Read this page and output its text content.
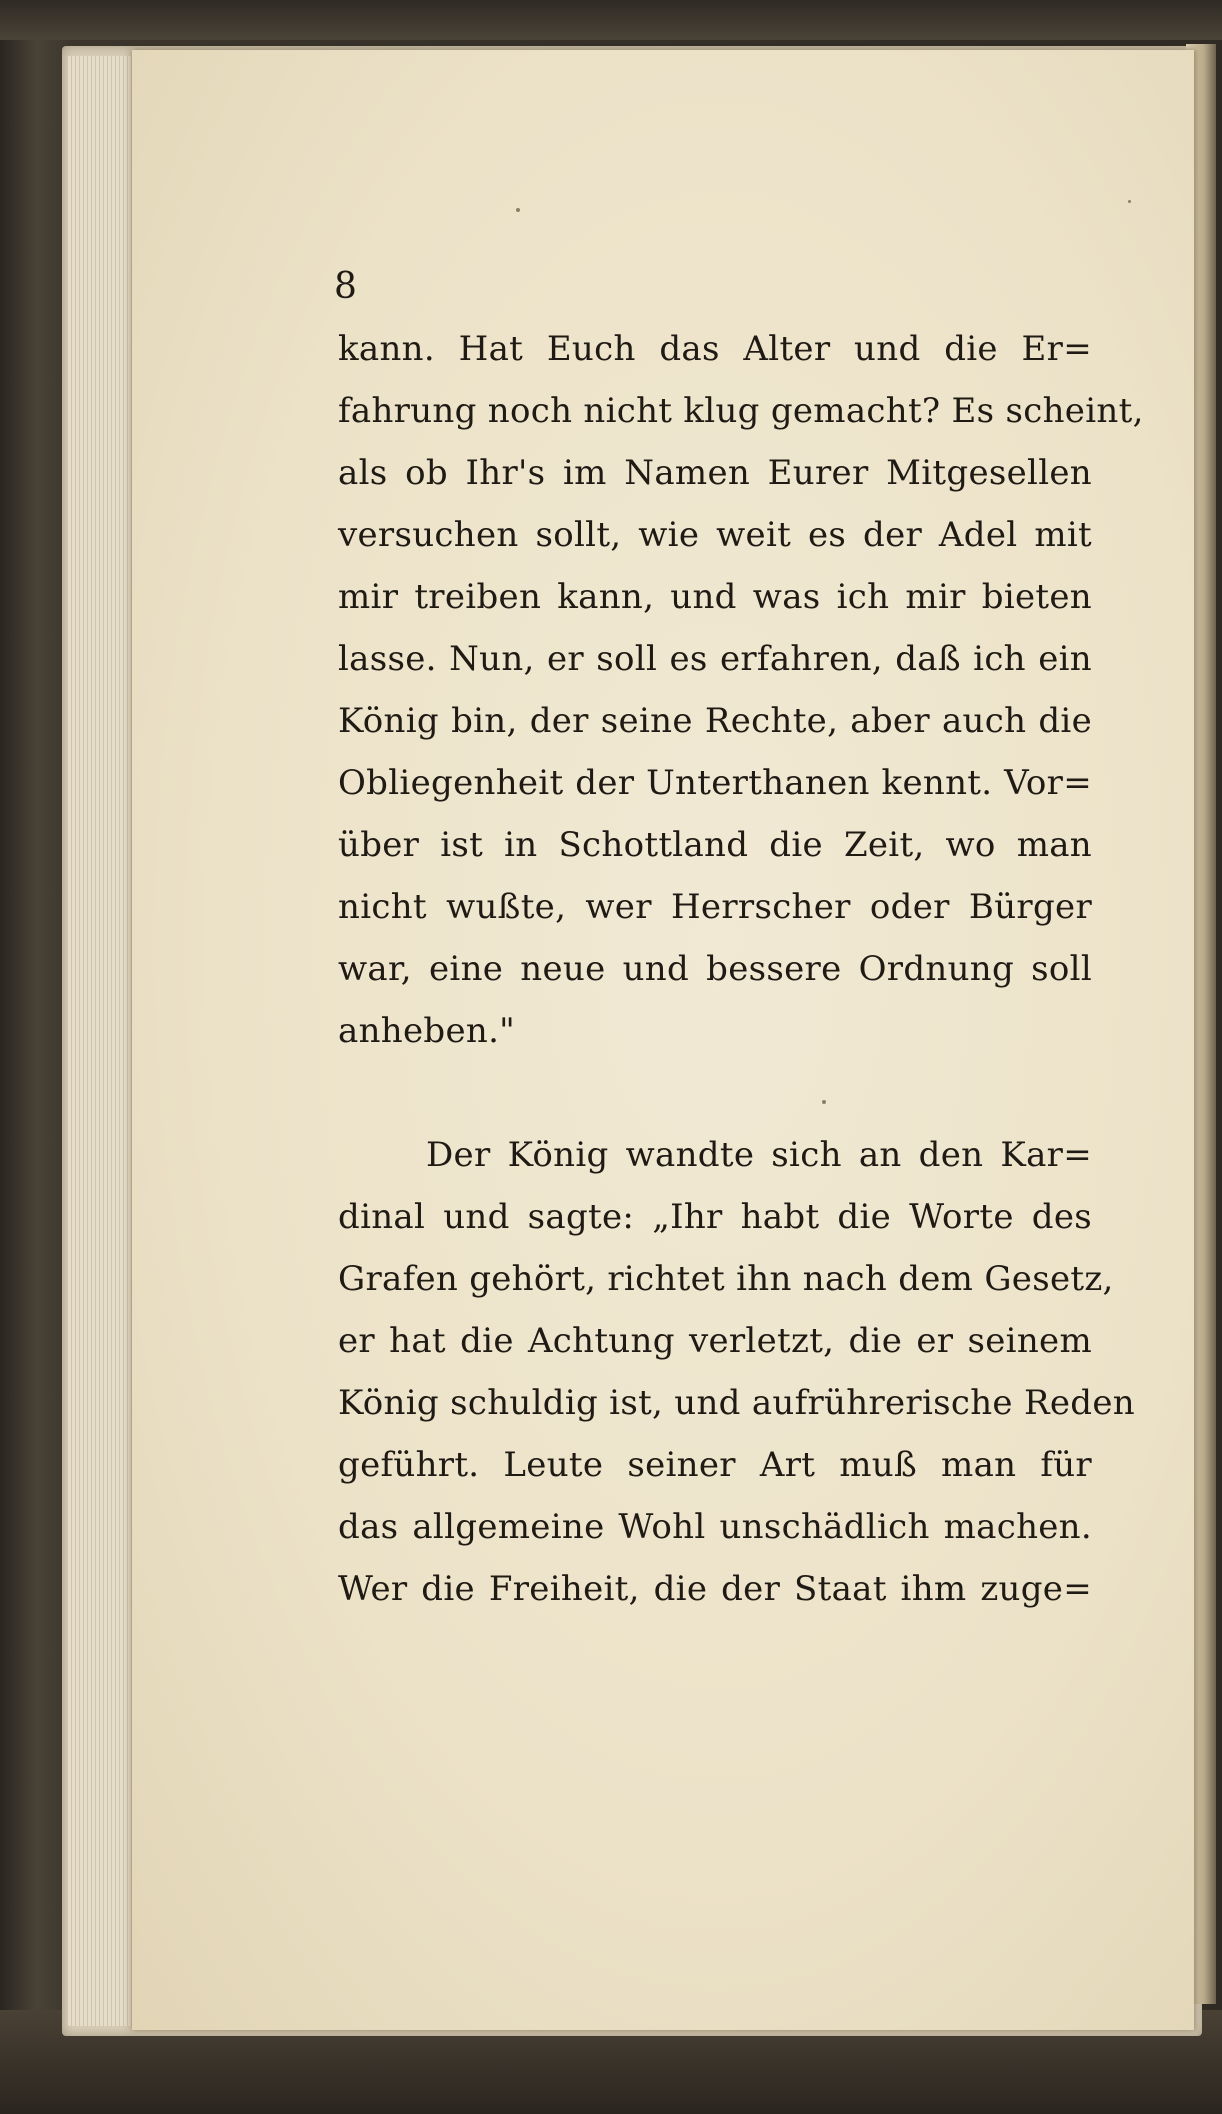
8
kann. Hat Euch das Alter und die Er=
fahrung noch nicht klug gemacht? Es scheint,
als ob Ihr's im Namen Eurer Mitgesellen
versuchen sollt, wie weit es der Adel mit
mir treiben kann, und was ich mir bieten
lasse. Nun, er soll es erfahren, daß ich ein
König bin, der seine Rechte, aber auch die
Obliegenheit der Unterthanen kennt. Vor=
über ist in Schottland die Zeit, wo man
nicht wußte, wer Herrscher oder Bürger
war, eine neue und bessere Ordnung soll
anheben."
Der König wandte sich an den Kar=
dinal und sagte: „Ihr habt die Worte des
Grafen gehört, richtet ihn nach dem Gesetz,
er hat die Achtung verletzt, die er seinem
König schuldig ist, und aufrührerische Reden
geführt. Leute seiner Art muß man für
das allgemeine Wohl unschädlich machen.
Wer die Freiheit, die der Staat ihm zuge=
